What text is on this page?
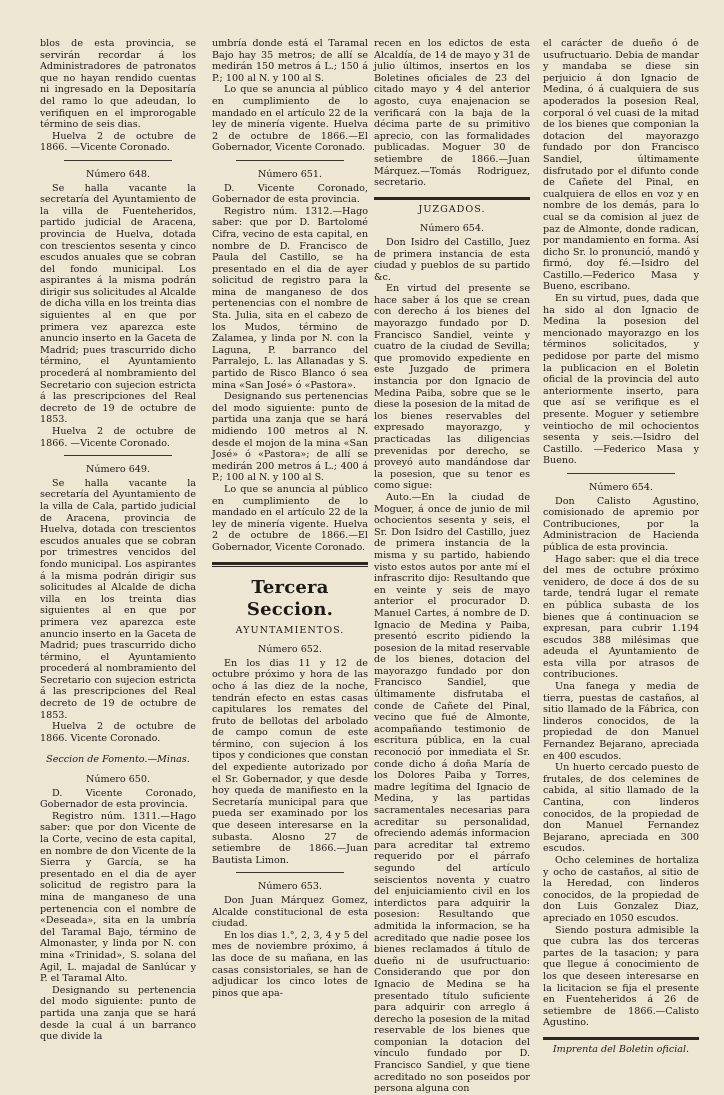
blos de esta provincia, se servirán recordar á los Administradores de patronatos que no hayan rendido cuentas ni ingresado en la Depositaría del ramo lo que adeudan, lo verifiquen en el improrogable término de seis dias.

Huelva 2 de octubre de 1866. —Vicente Coronado.

Número 648.

Se halla vacante la secretaría del Ayuntamiento de la villa de Fuenteheridos, partido judicial de Aracena, provincia de Huelva, dotada con trescientos sesenta y cinco escudos anuales que se cobran del fondo municipal. Los aspirantes á la misma podrán dirigir sus solicitudes al Alcalde de dicha villa en los treinta dias siguientes al en que por primera vez aparezca este anuncio inserto en la Gaceta de Madrid; pues trascurrido dicho término, el Ayuntamiento procederá al nombramiento del Secretario con sujecion estricta á las prescripciones del Real decreto de 19 de octubre de 1853.

Huelva 2 de octubre de 1866. —Vicente Coronado.

Número 649.

Se halla vacante la secretaría del Ayuntamiento de la villa de Cala, partido judicial de Aracena, provincia de Huelva, dotada con trescientos escudos anuales que se cobran por trimestres vencidos del fondo municipal. Los aspirantes á la misma podrán dirigir sus solicitudes al Alcalde de dicha villa en los treinta dias siguientes al en que por primera vez aparezca este anuncio inserto en la Gaceta de Madrid; pues trascurrido dicho término, el Ayuntamiento procederá al nombramiento del Secretario con sujecion estricta á las prescripciones del Real decreto de 19 de octubre de 1853.

Huelva 2 de octubre de 1866. Vicente Coronado.

Seccion de Fomento.—Minas.

Número 650.

D. Vicente Coronado, Gobernador de esta provincia.

Registro núm. 1311.—Hago saber: que por don Vicente de la Corte, vecino de esta capital, en nombre de don Vicente de la Sierra y García, se ha presentado en el dia de ayer solicitud de registro para la mina de manganeso de una pertenencia con el nombre de «Deseada», sita en la umbría del Taramal Bajo, término de Almonaster, y linda por N. con mina «Trinidad», S. solana del Agil, L. majadal de Sanlúcar y P. el Taramal Alto.

Designando su pertenencia del modo siguiente: punto de partida una zanja que se hará desde la cual á un barranco que divide la

umbría donde está el Taramal Bajo hay 35 metros; de allí se medirán 150 metros á L.; 150 á P.; 100 al N. y 100 al S.

Lo que se anuncia al público en cumplimiento de lo mandado en el artículo 22 de la ley de minería vigente. Huelva 2 de octubre de 1866.—El Gobernador, Vicente Coronado.

Número 651.

D. Vicente Coronado, Gobernador de esta provincia.

Registro núm. 1312.—Hago saber: que por D. Bartolomé Cifra, vecino de esta capital, en nombre de D. Francisco de Paula del Castillo, se ha presentado en el dia de ayer solicitud de registro para la mina de manganeso de dos pertenencias con el nombre de Sta. Julia, sita en el cabezo de los Mudos, término de Zalamea, y linda por N. con la Laguna, P. barranco del Parralejo, L. las Allanadas y S. partido de Risco Blanco ó sea mina «San José» ó «Pastora».

Designando sus pertenencias del modo siguiente: punto de partida una zanja que se hará midiendo 100 metros al N. desde el mojon de la mina «San José» ó «Pastora»; de allí se medirán 200 metros á L.; 400 á P.; 100 al N. y 100 al S.

Lo que se anuncia al público en cumplimiento de lo mandado en el artículo 22 de la ley de minería vigente. Huelva 2 de octubre de 1866.—El Gobernador, Vicente Coronado.

Tercera Seccion.

AYUNTAMIENTOS.

Número 652.

En los dias 11 y 12 de octubre próximo y hora de las ocho á las diez de la noche, tendrán efecto en estas casas capitulares los remates del fruto de bellotas del arbolado de campo comun de este término, con sujecion á los tipos y condiciones que constan del expediente autorizado por el Sr. Gobernador, y que desde hoy queda de manifiesto en la Secretaría municipal para que pueda ser examinado por los que deseen interesarse en la subasta. Alosno 27 de setiembre de 1866.—Juan Bautista Limon.

Número 653.

Don Juan Márquez Gomez, Alcalde constitucional de esta ciudad.

En los dias 1.°, 2, 3, 4 y 5 del mes de noviembre próximo, á las doce de su mañana, en las casas consistoriales, se han de adjudicar los cinco lotes de pinos que apa-

recen en los edictos de esta Alcaldía, de 14 de mayo y 31 de julio últimos, insertos en los Boletines oficiales de 23 del citado mayo y 4 del anterior agosto, cuya enajenacion se verificará con la baja de la décima parte de su primitivo aprecio, con las formalidades publicadas. Moguer 30 de setiembre de 1866.—Juan Márquez.—Tomás Rodriguez, secretario.

JUZGADOS.

Número 654.

Don Isidro del Castillo, Juez de primera instancia de esta ciudad y pueblos de su partido &c.

En virtud del presente se hace saber á los que se crean con derecho á los bienes del mayorazgo fundado por D. Francisco Sandiel, veinte y cuatro de la ciudad de Sevilla; que promovido expediente en este Juzgado de primera instancia por don Ignacio de Medina Paiba, sobre que se le diese la posesion de la mitad de los bienes reservables del expresado mayorazgo, y practicadas las diligencias prevenidas por derecho, se proveyó auto mandándose dar la posesion, que su tenor es como sigue:

Auto.—En la ciudad de Moguer, á once de junio de mil ochocientos sesenta y seis, el Sr. Don Isidro del Castillo, juez de primera instancia de la misma y su partido, habiendo visto estos autos por ante mí el infrascrito dijo: Resultando que en veinte y seis de mayo anterior el procurador D. Manuel Cartes, á nombre de D. Ignacio de Medina y Paiba, presentó escrito pidiendo la posesion de la mitad reservable de los bienes, dotacion del mayorazgo fundado por don Francisco Sandiel, que últimamente disfrutaba el conde de Cañete del Pinal, vecino que fué de Almonte, acompañando testimonio de escritura pública, en la cual reconoció por inmediata el Sr. conde dicho á doña María de los Dolores Paiba y Torres, madre legítima del Ignacio de Medina, y las partidas sacramentales necesarias para acreditar su personalidad, ofreciendo además informacion para acreditar tal extremo requerido por el párrafo segundo del artículo seiscientos noventa y cuatro del enjuiciamiento civil en los interdictos para adquirir la posesion: Resultando que admitida la informacion, se ha acreditado que nadie posee los bienes reclamados á título de dueño ni de usufructuario: Considerando que por don Ignacio de Medina se ha presentado título suficiente para adquirir con arreglo á derecho la posesion de la mitad reservable de los bienes que componian la dotacion del vínculo fundado por D. Francisco Sandiel, y que tiene acreditado no son poseidos por persona alguna con

el carácter de dueño ó de usufructuario. Debia de mandar y mandaba se diese sin perjuicio á don Ignacio de Medina, ó á cualquiera de sus apoderados la posesion Real, corporal ó vel cuasi de la mitad de los bienes que componian la dotacion del mayorazgo fundado por don Francisco Sandiel, últimamente disfrutado por el difunto conde de Cañete del Pinal, en cualquiera de ellos en voz y en nombre de los demás, para lo cual se da comision al juez de paz de Almonte, donde radican, por mandamiento en forma. Así dicho Sr. lo pronunció, mandó y firmó, doy fé.—Isidro del Castillo.—Federico Masa y Bueno, escribano.

En su virtud, pues, dada que ha sido al don Ignacio de Medina la posesion del mencionado mayorazgo en los términos solicitados, y pedidose por parte del mismo la publicacion en el Boletin oficial de la provincia del auto anteriormente inserto, para que así se verifique es el presente. Moguer y setiembre veintiocho de mil ochocientos sesenta y seis.—Isidro del Castillo. —Federico Masa y Bueno.

Número 654.

Don Calisto Agustino, comisionado de apremio por Contribuciones, por la Administracion de Hacienda pública de esta provincia.

Hago saber: que el dia trece del mes de octubre próximo venidero, de doce á dos de su tarde, tendrá lugar el remate en pública subasta de los bienes que á continuacion se expresan, para cubrir 1.194 escudos 388 milésimas que adeuda el Ayuntamiento de esta villa por atrasos de contribuciones.

Una fanega y media de tierra, puestas de castaños, al sitio llamado de la Fábrica, con linderos conocidos, de la propiedad de don Manuel Fernandez Bejarano, apreciada en 400 escudos.

Un huerto cercado puesto de frutales, de dos celemines de cabida, al sitio llamado de la Cantina, con linderos conocidos, de la propiedad de don Manuel Fernandez Bejarano, apreciada en 300 escudos.

Ocho celemines de hortaliza y ocho de castaños, al sitio de la Heredad, con linderos conocidos, de la propiedad de don Luis Gonzalez Diaz, apreciado en 1050 escudos.

Siendo postura admisible la que cubra las dos terceras partes de la tasacion; y para que llegue á conocimiento de los que deseen interesarse en la licitacion se fija el presente en Fuenteheridos á 26 de setiembre de 1866.—Calisto Agustino.

Imprenta del Boletin oficial.
